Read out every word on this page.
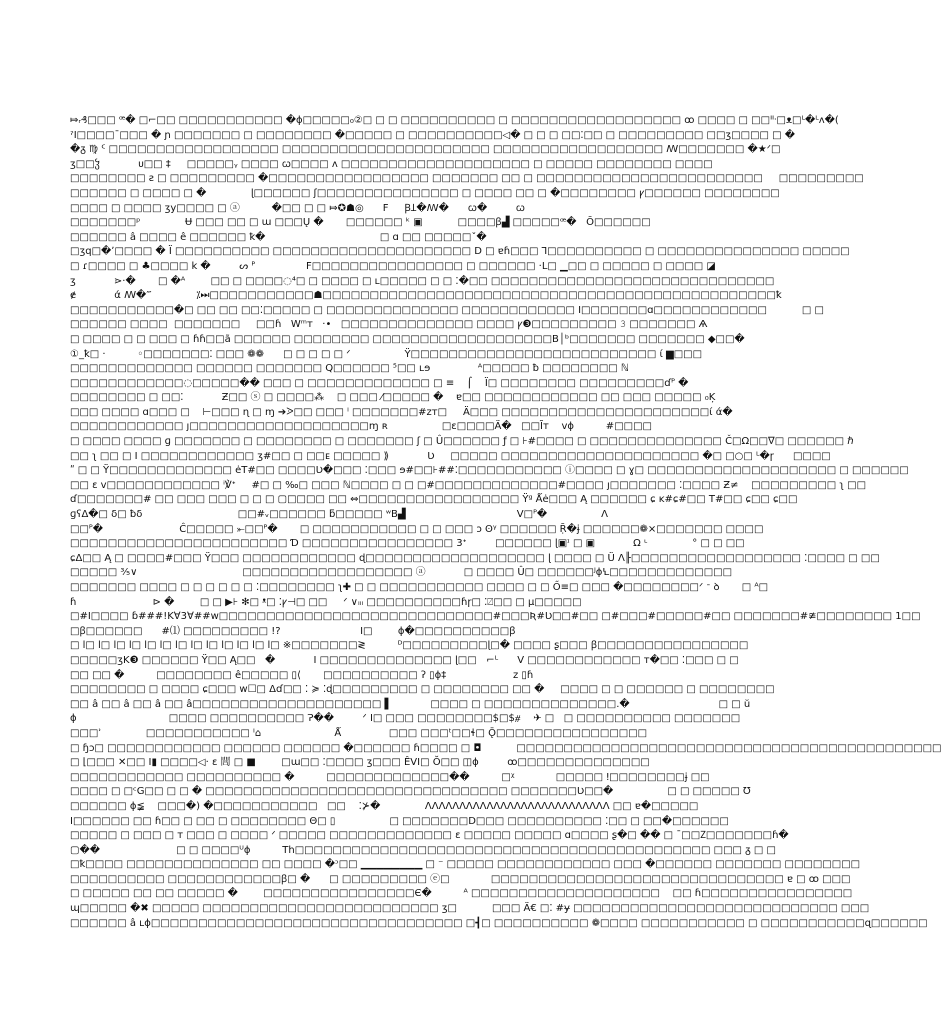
⤇ᵣ₰□□□ ꟹ� □⌐□□ □□□□□□□□□□□ �ɸ□□□□□₀②□ □ □ □□□□□□□□□□ □ □□□□□□□□□□□□□□□□□□ ꝏ □□□□ □ □□ᐦᐧ□ᴥ□ᴸ�ᴸᴧ�(
ˀI□□□□¯□□□ � ɲ □□□□□□□ □ □□□□□□□□ �□□□□□ □ □□□□□□□□□□◁� □ □ □ □□⁚□□ □ □□□□□□□□□ □□ʒ□□□□ □ �
�ᵹ ♍ ᑦ □□□□□□□□□□□□□□□□□□ □□□□□□□□□□□□□□□□□□□□□□ □□□□□□□□□□□□□□□□□□ ꟿ□□□□□□□ �★ᐟ□
ʒ□□ჴ            ᴜ□□ ‡     □□□□□ᵧ □□□□ ꞷ□□□□ ᴧ □□□□□□□□□□□□□□□□□□□□ □ □□□□□ □□□□□□□□ □□□□
□□□□□□□□ ƨ □ □□□□□□□□□ �□□□□□□□□□□□□□□□□□ □□□□□□□ □□ □ □□□□□□□□□□□□□□□□□□□□□□□□     □□□□□□□□□
□□□□□□ □ □□□□ □ �              ɭ□□□□□□ ʃ□□□□□□□□□□□□□□□ □ □□□□ □□ □ �□□□□□□□□ ꝩ□□□□□□ □□□□□□□□
□□□□ □ □□□□ ʒy□□□□ □ ⓐ          �□□ □ □ ⤇✪☗◎      F     ꞴꞱ�ꟿ�      ꞷ�         ꞷ
□□□□□□□ᵖ              Ʉ □□□ □□ □ ɯ □□□Ų �       □□□□□□ ᵏ ▣           □□□□ꞵ▟ □□□□□ꟹ�   Ō□□□□□□
□□□□□□ â □□□□ ê □□□□□□ ꝁ�                                    □ ɑ □□ □□□□□ˇ�
□ʒq□�ʼ□□□□ � Ï □□□□□□□□□□ □□□□□□□□□□□□□□□□□□□□□ D □ ɐɦ□□□ Ꞁ□□□□□□□□□□ □ □□□□□□□□□□□□□□□ □□□□□
□ ɾ□□□□ □ ♣□□□□ k �         ᔕ ᴾ                Ϝ□□□□□□□□□□□□□□□□ □ □□□□□□ ·L□ ▁□□ □ □□□□□ □ □□□□ ◪
ʒ            ⋗·�       □ �ᴬ        □□ □ □□□□◌⁴□ □ □□□□ □ ʟ□□□□□ □ □ ⁚�□□ □□□□□□□□□□□□□□□□□□□□□□□□□□□□□□
ɇ            ά ꟿ�‴              ⁒⏭□□□□□□□□□□□☗□□□□□□□□□□□□□□□□□□□□□□□□□□□□□□□□□□□□□□□□□□□□□□□□ꝁ
□□□□□□□□□□□�□ □□ □□ □□⁚□□□□□ □ □□□□□□□□□□□□□□ □□□□□□□□□□□□ I□□□□□□□ɑ□□□□□□□□□□□□           □ □
□□□□□□ □□□□  □□□□□□□     □□ɦ   Wᵐᴛ   ·•   □□□□□□□□□□□□□□ □□□□ ꝩ❸□□□□□□□□□ 𝟹 □□□□□□□ Ѧ
□ □□□□ □ □ □□□ □ ɦɦ□□ã □□□□□□ □□□□□□□□ □□□□□□□□□□□□□□□□□□□B│ᵇ□□□□□□□ □□□□□□□ ◆□□�
①_ꝁ□ ·          ◦□□□□□□□⁚ □□□ ❁❁      □ □ □ □ □ ᐟ                 Ÿ□□□□□□□□□□□□□□□□□□□□□□□□□□ ί ▆□□□
□□□□□□□□□□□□□ □□□□□□ □□□□□□□ Q□□□□□□ ⁵□□ ʟɘ               ᴬ□□□□□ ƀ □□□□□□□□ ℕ
□□□□□□□□□□□□◌□□□□□�� □□□ □ □□□□□□□□□□□□□ □ ≡    ⌠    Ï□ □□□□□□□□ □□□□□□□□□ɗᴾ �
□□□□□□□□ □ □□⁚            Ƶ□□ ⓢ □ □□□□⁂    □ □□□ ⁄□□□□□ �    ɐ□□ □□□□□□□□□□□□ □□ □□□ □□□□□ ₀Ķ
□□□ □□□□ ɑ□□□ □    ⊢□□□ ɳ □ ɱ ➔ᐷ□□ □□□ ˡ □□□□□□□#ᴢᴛ□     Ä□□□ □□□□□□□□□□□□□□□□□□□□□□ί ά�
□□□□□□□□□□□□ ȷ□□□□□□□□□□□□□□□□□□□ɱ ʀ                 □ɛ□□□□Ä�   □□Ĩᴛ    ᴠɸ          #□□□□
□ □□□□ □□□□ ɡ □□□□□□□ □ □□□□□□□□ □ □□□□□□□ ʃ □ Û□□□□□□ ƒ □ ⊦#□□□□ □ □□□□□□□□□□□□□□ Č□Ω□□∇□ □□□□□□ ℏ
□□ ʅ □□ □ I □□□□□□□□□□□□ ʒ#□□ □ □□ᴇ □□□□□ ⟫            Ʋ     □□□□□ □□□□□□□□□□□□□□□□□□□□□ �□ □○□ ᴸ�ɼ      □□□□
ʺ □ □ Ÿ□□□□□□□□□□□□□ ėT#□□ □□□□Ʋ�□□□ ⁚□□□ ɘ#□□⊦##⁚□□□□□□□□□□□ ⓘ□□□□ □ ɣ□ □□□□□□□□□□□□□□□□□□□□ □ □□□□□□
□□ ɛ ᴠ□□□□□□□□□□□□ ⁱ℣ᐩ     #□ □ ‰□ □□□ ℕ□□□□ □ □ □#□□□□□□□□□□□□□#□□□□ ȷ□□□□□□□ ⁚□□□□ Ƶ≠    □□□□□□□□□ ʅ □□
ɗ□□□□□□□# □□ □□□ □□□ □ □ □ ▢□□□□ □□ ⇔□□□□□□□□□□□□□□□□□ Ÿᵍ Ǻė□□□ Ą □□□□□□ ɕ ĸ#ɕ#□□ T#□□ ɕ□□ ɕ□□
ɡʕΔ�□ δ□ ƀδ                              □□#ᵥ□□□□□□ ƃ□□□□□ ʷΒ▟                                   Ⅴ□ᴾ�                 Λ
□□ᴾ�                        Ĉ□□□□□ ⤜□□ᴾ�       □ □□□□□□□□□□□ □ □ □□□ ɔ ʘᵞ □□□□□□ Ṝ�ɉ □□□□□□❁⨯□□□□□□□ □□□□
□□□□□□□□□□□□□□□□□□□□□□□ Ɗ □□□□□□□□□□□□□□□□ 3ᐩ         □□□□□□ ɭ▣ᶦ □ ▣            Ω ᶫ              ° □ □ □□
ɕΔ□□ Ą □ □□□□#□□□ Ÿ□□□ □□□□□□□□□□□□ ɖ□□□□□□□□□□□□□□□□□□□ ɭ □□□□ □ Ü Ʌ╟□□□□□□□□□□□□□□□□□□ ⁚□□□□ □ □□
□□□□□ ⅗∨                                 □□□□□□□□□□□□□□□□□□ ⓐ            □ □□□□ Û□ □□□□□□ᴶɸꝆ□□□□□□□□□□□□□
□□□□□□□ □□□□ □ □ □ □ □ □ ⁚□□□□□□□□ ʅ✚ □ □ □□□□□□□□□□□ □□□□ □ □ Ő≡□ □□□ �□□□□□□□□ᐟ ᐨ ꝺ       □ ᴬ□
ɦ                        ⊳ �        □ □ ▶⊦ ✻□ ᵜ□ ⁚ꝩ⊣□ □□     ᐟ ∨ᵢᵢᵢ □□□□□□□□□□ɦɼ□ ⁚⍁□□ □ μ□□□□□
□#I□□□□ ɓ###!K∀3∀##w□□□□□□□□□□□□□□□□□□□□□□□□□□□□□#□□□Ʀ#Ʋ□□#□□ □#□□□#□□□□□#□□ □□□□□□□#≇□□□□□□□□ 1□□
□ꞵ□□□□□□      #⑴ □□□□□□□□□ !?                         I□        ɸ�□□□□□□□□□□ꞵ
□ l□ l□ l□ l□ l□ l□ l□ l□ l□ l□ l□ l□ l□ ※□□□□□□□≷          ᴰ□□□□□□□□□ɭ□� □□□□ ʂ□□□ ꞵ□□□□□□□□□□□□□□□□
□□□□□ʒK❸ □□□□□□ Ÿ□□ Ą□□   �            I □□□□□□□□□□□□□□ ɭ□□   ⌐ᴸ      V □□□□□□□□□□□□ ᴛ�□□ ⁚□□□ □ □
□□ □□ �          □□□□□□□□ ê□□□□□ ▯⟨       □□□□□□□□□□ ʔ ▯ɸ‡                     z ▯ɦ
□□□□□□□□ □ □□□□ ɕ□□□ ᴡ☐□ Δɗ□□ ⁚ ≽ ⁚ɖ□□□□□□□□□ □ □□□□□□□□ □□ �     □□□□ □ □ □□□□□□ □ □□□□□□□□
□□ â □□ â □□ â □□ â□□□□□□□□□□□□□□□□□□□□ ▌            □□□□ □ □□□□□□□□□□□□□□.�                            □ □ ŭ
ɸ                             □□□□ □□□□□□□□□□ Ɂ��         ᐟ I□ □□□ □□□□□□□□$□$⧣    ✈ □   □ □□□□□□□□□□ □□□□□□□
□□□ʾ              □□□□□□□□□□□ ᴵ⌂                       Ǻ               □□□ □□□ᵗ□□ɬ□ Ǭ□□□□□□□□□□□□□□□□
□ ɧɔ□ □□□□□□□□□□□□ □□□□□□ □□□□□□ �□□□□□□ ɦ□□□□ □ ◘           □□□□□□□□□□□□□□□□□□□□□□□□□□□□□□□□□□□□□□□□□□□□□
□ ⌊□□□ ✕□□ I▮ □□□□◁· ɛ 閭 □ ■        □ɯ□□ ⁚□□□□ ʒ□□□ ÊVI□ Ŏ□□ ◫ɸ         ꝏ□□□□□□□□□□□□□□
□□□□□□□□□□□□ □□□□□□□□□□ �          □□□□□□□□□□□□□��          □ᵡ             □□□□□ ǃ□□□□□□□□ɉ □□
□□□□ □ □ᶜG□□ □ □ � □□□□□□□□□□□□□□□□□□□□□□□□□□□□□□□□ □□□□□□□Ʋ□□�                 □ □ □□□□□ Ʊ
□□□□□□ ɸ≨    □□□�) �□□□□□□□□□□□   □□    ⁚⊁�              ɅɅɅɅɅɅɅɅɅɅɅɅɅɅɅɅɅɅɅɅɅɅɅɅɅɅɅ □□ ɐ�□□□□□
I□□□□□□ □□ ɦ□□ □ □□ □ □□□□□□□□ Θ□ ▯                 □ □□□□□□□D□□□ □□□□□□□□□□ ⁚□□ □ □□�□□□□□□
□□□□□ □ □□□ □ ᴛ □□□ □ □□□□ ᐟ □□□□□ □□□□□□□□□□□□□ ɛ □□□□□ □□□□□ ɑ□□□□ ʂ�□ �� □ ¯□□Ⴭ□□□□□□□ɦ�
▢��                        □ □ □□□□ᵁɸ          Th□□□□□□□□□□□□□□□□□□□□□□□□□□□□□□□□□□□□□□□□□□□□ □□□ ᵹ □ □
□ꝁ□□□□ □□□□□□□□□□□□□□ □□ □□□□ �ᵓ□□ ▁▁▁▁▁▁▁▁ □ ⁻ □□□□□ □□□□□□□□□□□□ □□□ �□□□□□□ □□□□□□□ □□□□□□□□
□□□□□□□□□□ □□□□□□□□□□□□ꞵ□ �      □ □□□□□□□□□ ⓔ□             □□□□□□□□□□□□□□□□□□□□□□□□□□□□□□□ ɐ □ ꝏ □□□
□ □□□□□ □□ □□ □□□□□ �        □□□□□□□□□□□□□□□□Є�          ᴬ □□□□□□□□□□□□□□□□□□□□    □□ ɦ□□□□□□□□□□□□□□□□
ɰ□□□□□ �✖ □□□□□ □□□□□□□□□□□□□□□□□□□□□□□□□ ʒ□           □□□ Ä€ □⁚ #ɏ □□□□□□□□□□□□□□□□□□□□□□□□□□□□ □□□
□□□□□□ â ʟɸ□□□□□□□□□□□□□□□□□□□□□□□□□□□□□□□□□ □┫□ □□□□□□□□□□ ❁□□□□ □□□□□□□□□□□ □ □□□□□□□□□□□ɋ□□□□□□
